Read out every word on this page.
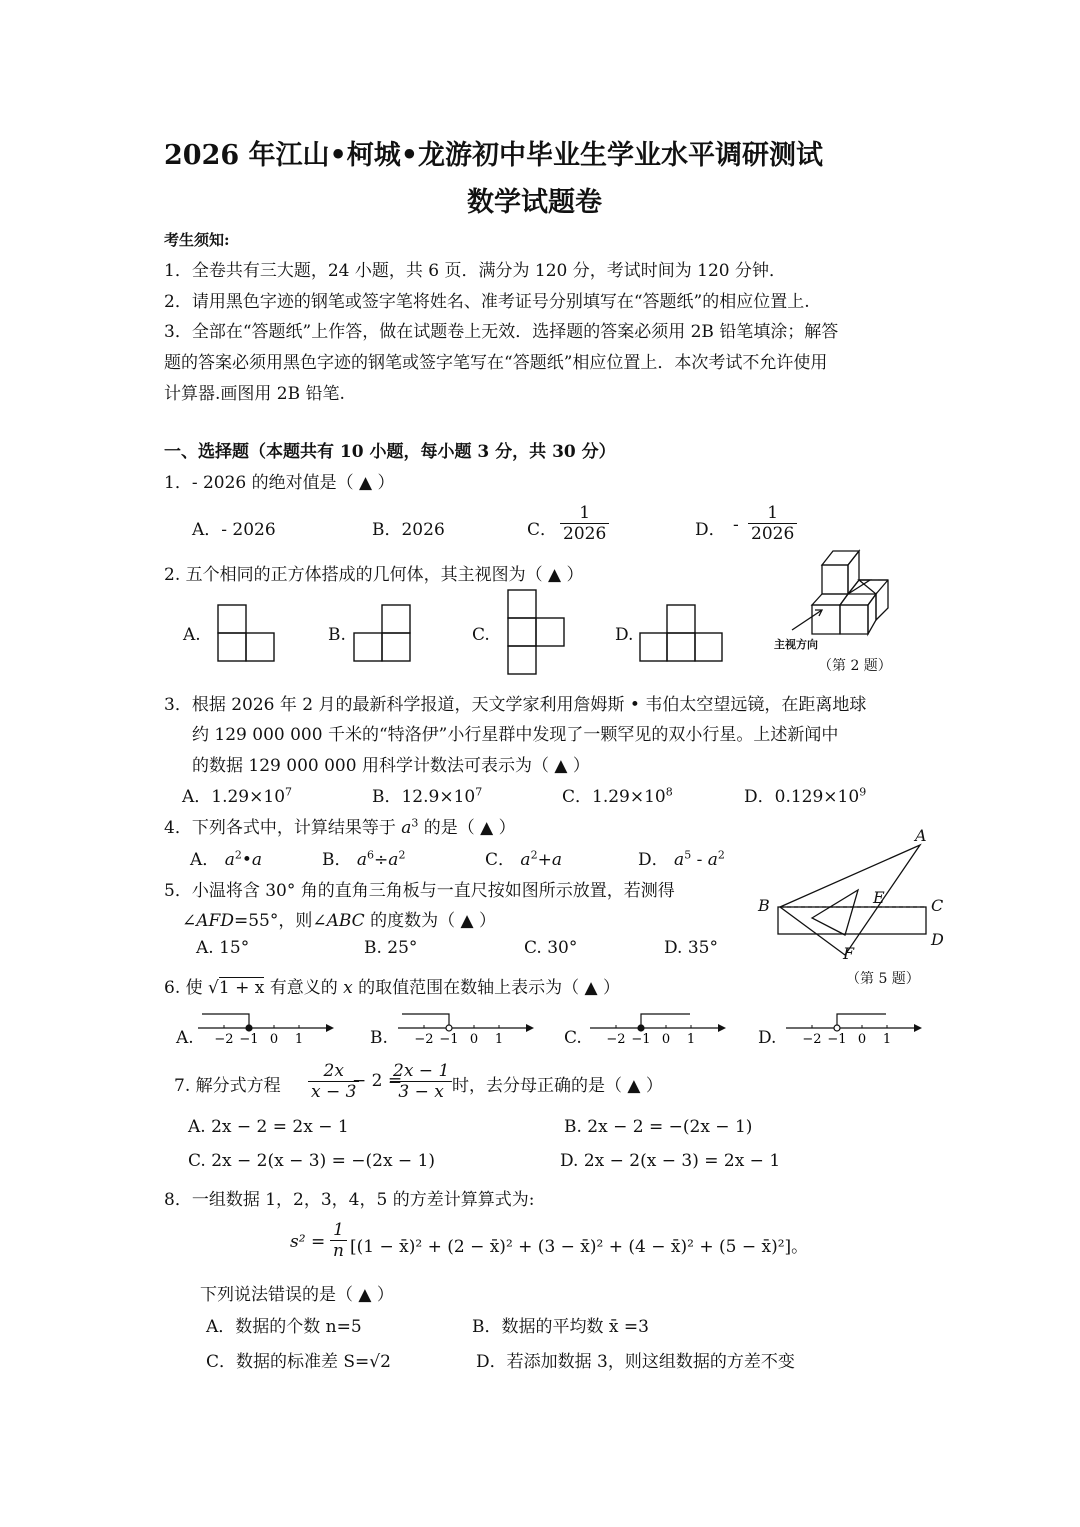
2026 年江山•柯城•龙游初中毕业生学业水平调研测试
数学试题卷
考生须知:
1．全卷共有三大题，24 小题，共 6 页．满分为 120 分，考试时间为 120 分钟．
2．请用黑色字迹的钢笔或签字笔将姓名、准考证号分别填写在“答题纸”的相应位置上.
3．全部在“答题纸”上作答，做在试题卷上无效．选择题的答案必须用 2B 铅笔填涂；解答
题的答案必须用黑色字迹的钢笔或签字笔写在“答题纸”相应位置上．本次考试不允许使用
计算器.画图用 2B 铅笔.
一、选择题（本题共有 10 小题，每小题 3 分，共 30 分）
1．- 2026 的绝对值是（ ▲ ）
A．- 2026	B．2026	C． $\frac{1}{2026}$	D． - $\frac{1}{2026}$
2. 五个相同的正方体搭成的几何体，其主视图为（ ▲ ）
A.	B.	C.	D.	主视方向
（第 2 题）
3．根据 2026 年 2 月的最新科学报道，天文学家利用詹姆斯 • 韦伯太空望远镜，在距离地球
约 129 000 000 千米的“特洛伊”小行星群中发现了一颗罕见的双小行星。上述新闻中
的数据 129 000 000 用科学计数法可表示为（ ▲ ）
A．$1.29\times 10^7$	B．$12.9\times 10^7$	C．$1.29\times 10^8$	D．$0.129\times 10^9$
4．下列各式中，计算结果等于 $a^3$ 的是（ ▲ ）
A． $a^2•a$	B． $a^6\div a^2$	C． $a^2+a$	D． $a^5 - a^2$
5．小温将含 30° 角的直角三角板与一直尺按如图所示放置，若测得
∠AFD=55°，则∠ABC 的度数为（ ▲ ）
A. 15°	B. 25°	C. 30°	D. 35°
A
B	C
D
E
F
（第 5 题）
6. 使 √1 + x 有意义的 x 的取值范围在数轴上表示为（ ▲ ）
A.	B.	C.	D.
−2 −1 0 1	−2 −1 0 1	−2 −1 0 1	−2 −1 0 1
7. 解分式方程 $\frac{2x}{x - 3}$
− 2 =
$\frac{2x - 1}{3 - x}$ 时，去分母正确的是（ ▲ ）
A. 2x − 2 = 2x − 1	B. 2x − 2 = −(2x − 1)
C. 2x − 2(x − 3) = −(2x − 1)	D. 2x − 2(x − 3) = 2x − 1
8．一组数据 1，2，3，4，5 的方差计算算式为:
$s^2 = \frac{1}{n} [(1$ − x̄)² + (2 − x̄)² + (3 − x̄)² + (4 − x̄)² + (5 − x̄)²]。
下列说法错误的是（ ▲ ）
A．数据的个数 n=5	B．数据的平均数 x̄ =3
C．数据的标准差 S=√2	D．若添加数据 3，则这组数据的方差不变
